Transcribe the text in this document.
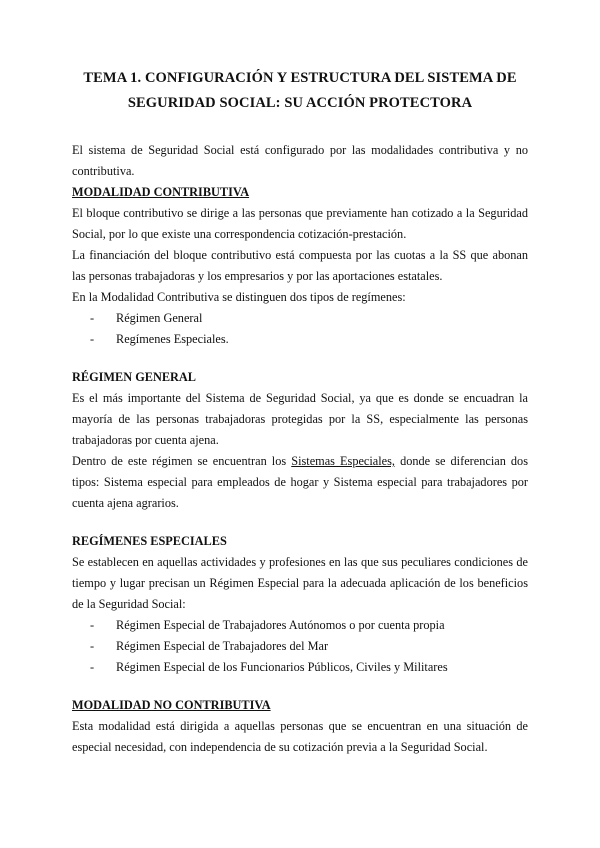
TEMA 1. CONFIGURACIÓN Y ESTRUCTURA DEL SISTEMA DE
SEGURIDAD SOCIAL: SU ACCIÓN PROTECTORA

El sistema de Seguridad Social está configurado por las modalidades contributiva y no contributiva.

MODALIDAD CONTRIBUTIVA

El bloque contributivo se dirige a las personas que previamente han cotizado a la Seguridad Social, por lo que existe una correspondencia cotización-prestación.

La financiación del bloque contributivo está compuesta por las cuotas a la SS que abonan las personas trabajadoras y los empresarios y por las aportaciones estatales.

En la Modalidad Contributiva se distinguen dos tipos de regímenes:

-	Régimen General
-	Regímenes Especiales.
RÉGIMEN GENERAL

Es el más importante del Sistema de Seguridad Social, ya que es donde se encuadran la mayoría de las personas trabajadoras protegidas por la SS, especialmente las personas trabajadoras por cuenta ajena.

Dentro de este régimen se encuentran los Sistemas Especiales, donde se diferencian dos tipos: Sistema especial para empleados de hogar y Sistema especial para trabajadores por cuenta ajena agrarios.

REGÍMENES ESPECIALES

Se establecen en aquellas actividades y profesiones en las que sus peculiares condiciones de tiempo y lugar precisan un Régimen Especial para la adecuada aplicación de los beneficios de la Seguridad Social:

-	Régimen Especial de Trabajadores Autónomos o por cuenta propia
-	Régimen Especial de Trabajadores del Mar
-	Régimen Especial de los Funcionarios Públicos, Civiles y Militares
MODALIDAD NO CONTRIBUTIVA

Esta modalidad está dirigida a aquellas personas que se encuentran en una situación de especial necesidad, con independencia de su cotización previa a la Seguridad Social.
